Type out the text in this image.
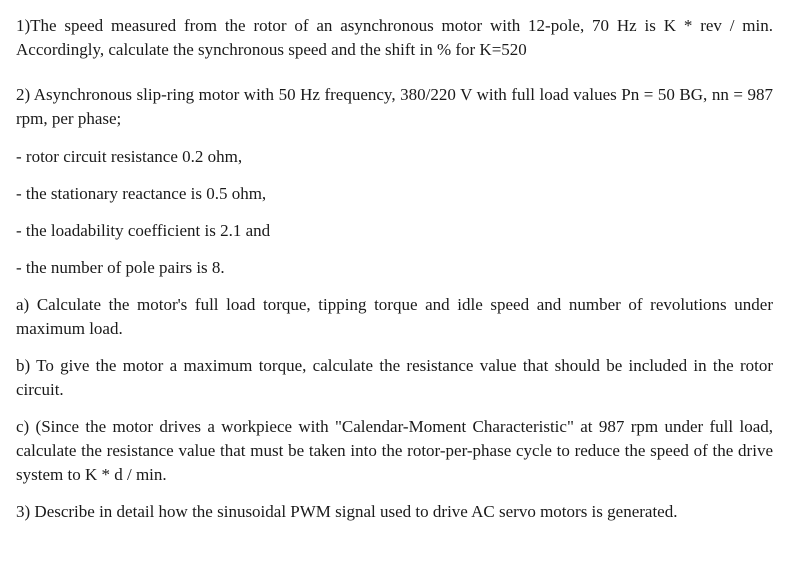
1)The speed measured from the rotor of an asynchronous motor with 12-pole, 70 Hz is K * rev / min. Accordingly, calculate the synchronous speed and the shift in % for K=520

2) Asynchronous slip-ring motor with 50 Hz frequency, 380/220 V with full load values Pn = 50 BG, nn = 987 rpm, per phase;

- rotor circuit resistance 0.2 ohm,

- the stationary reactance is 0.5 ohm,

- the loadability coefficient is 2.1 and

- the number of pole pairs is 8.

a) Calculate the motor's full load torque, tipping torque and idle speed and number of revolutions under maximum load.

b) To give the motor a maximum torque, calculate the resistance value that should be included in the rotor circuit.

c) (Since the motor drives a workpiece with "Calendar-Moment Characteristic" at 987 rpm under full load, calculate the resistance value that must be taken into the rotor-per-phase cycle to reduce the speed of the drive system to K * d / min.

3) Describe in detail how the sinusoidal PWM signal used to drive AC servo motors is generated.
